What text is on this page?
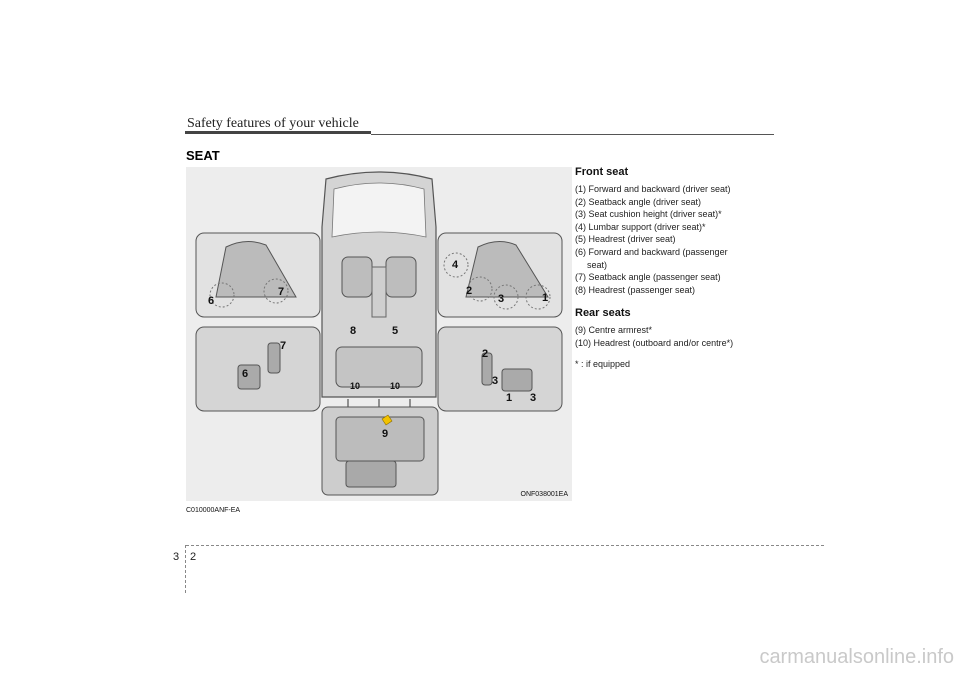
Safety features of your vehicle
SEAT
6
7
7
6
8	5
10	10
4
2
3	1
2
3
1 3
9
ONF038001EA
C010000ANF-EA
Front seat
(1) Forward and backward (driver seat)
(2) Seatback angle (driver seat)
(3) Seat cushion height (driver seat)*
(4) Lumbar support (driver seat)*
(5) Headrest (driver seat)
(6) Forward and backward (passenger
seat)
(7) Seatback angle (passenger seat)
(8) Headrest (passenger seat)
Rear seats
(9) Centre armrest*
(10) Headrest (outboard and/or centre*)
* : if equipped
3 2
carmanualsonline.info
